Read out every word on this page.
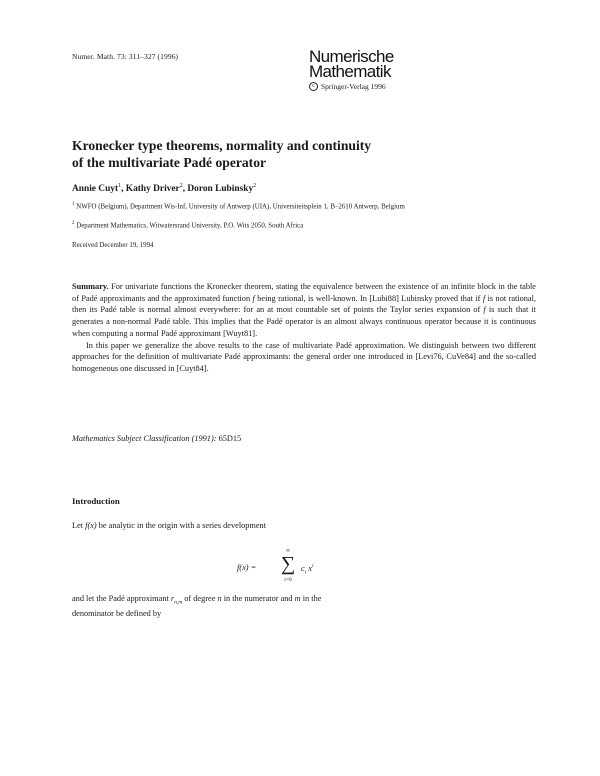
Numer. Math. 73: 311–327 (1996)	Numerische
Mathematik
c Springer-Verlag 1996
Kronecker type theorems, normality and continuity
of the multivariate Padé operator
Annie Cuyt$^1$, Kathy Driver$^2$, Doron Lubinsky$^2$
$^1$ NWFO (Belgium), Department Wis-Inf, University of Antwerp (UIA), Universiteitsplein 1, B–2610 Antwerp, Belgium
$^2$ Department Mathematics, Witwatersrand University, P.O. Wits 2050, South Africa
Received December 19, 1994

Summary. For univariate functions the Kronecker theorem, stating the equivalence between the existence of an infinite block in the table of Padé approximants and the approximated function f being rational, is well-known. In [Lubi88] Lubinsky proved that if f is not rational, then its Padé table is normal almost everywhere: for an at most countable set of points the Taylor series expansion of f is such that it generates a non-normal Padé table. This implies that the Padé operator is an almost always continuous operator because it is continuous when computing a normal Padé approximant [Wuyt81].

In this paper we generalize the above results to the case of multivariate Padé approximation. We distinguish between two different approaches for the definition of multivariate Padé approximants: the general order one introduced in [Levi76, CuVe84] and the so-called homogeneous one discussed in [Cuyt84].

Mathematics Subject Classification (1991): 65D15
Introduction
Let f(x) be analytic in the origin with a series development
f(x) =
∞
∑
i=0
$c_i$ $x^i$
and let the Padé approximant $r_{n,m}$ of degree n in the numerator and m in the
denominator be defined by
